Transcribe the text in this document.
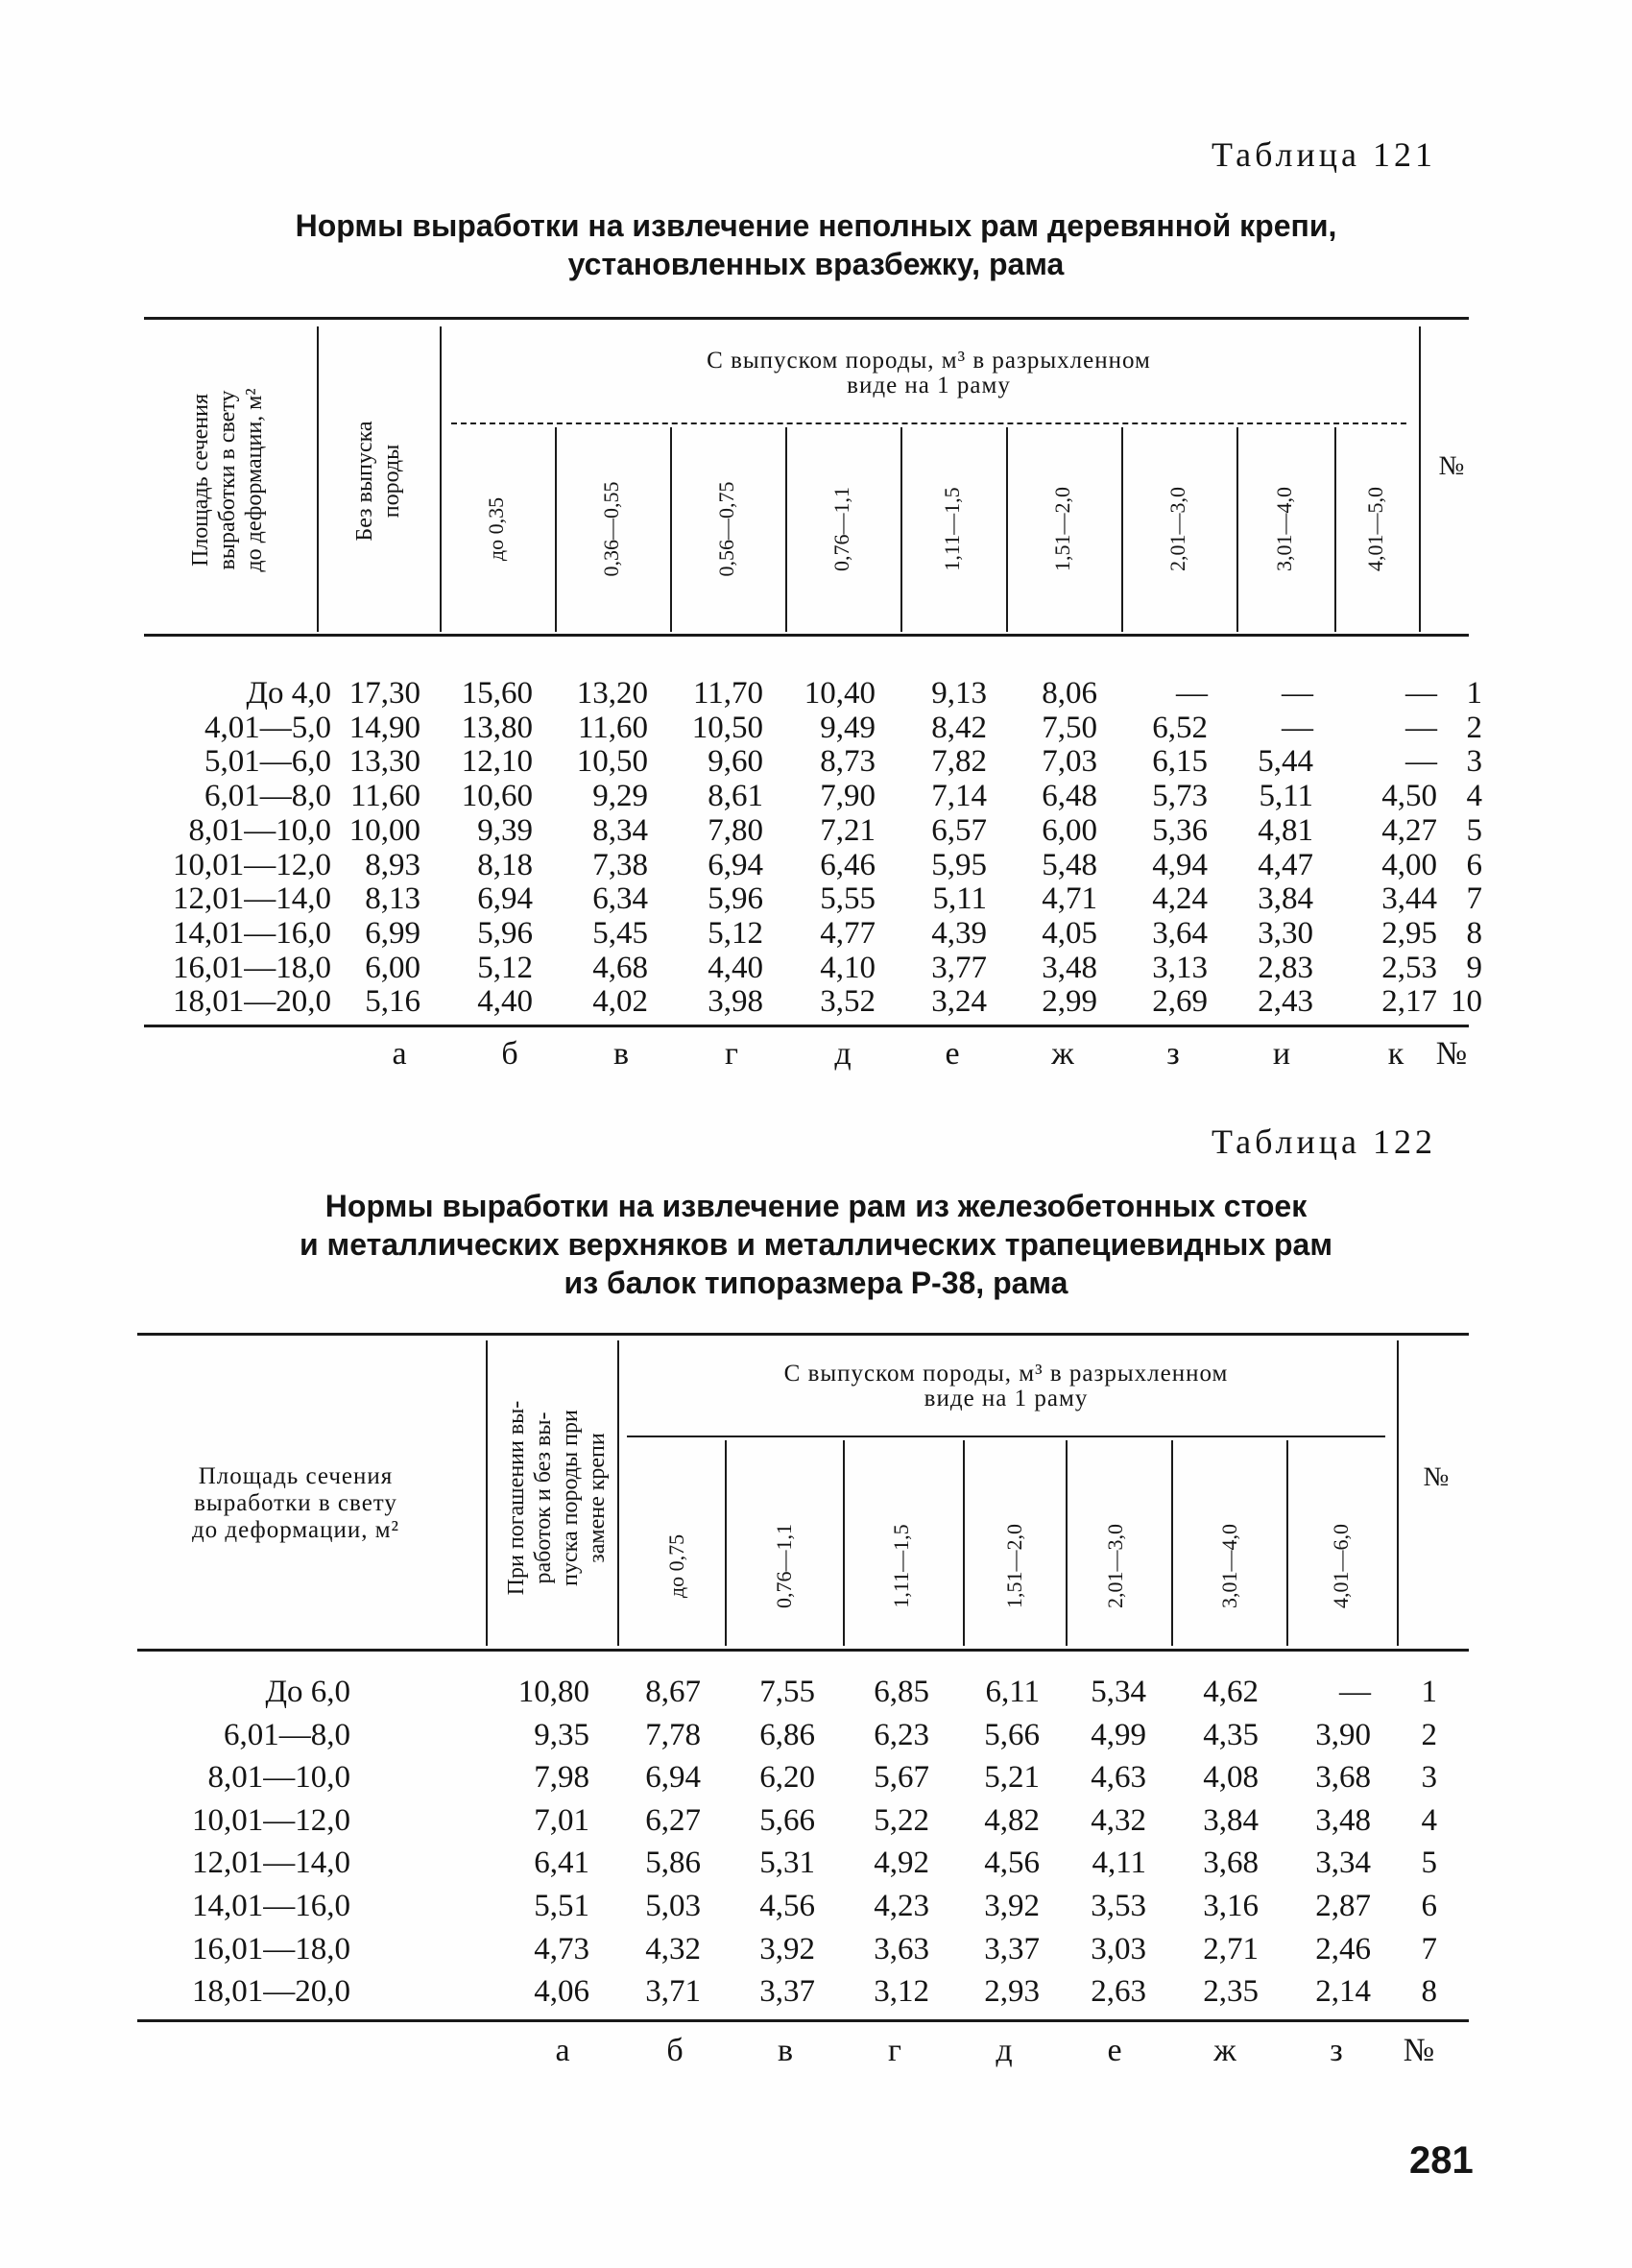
Таблица 121
Нормы выработки на извлечение неполных рам деревянной крепи,
установленных вразбежку, рама
Площадь сечения выработки в свету до деформации, м²	Без выпуска породы
С выпуском породы, м³ в разрыхленном
виде на 1 раму
№
до 0,35	0,36—0,55	0,56—0,75	0,76—1,1	1,11—1,5	1,51—2,0	2,01—3,0	3,01—4,0	4,01—5,0
До 4,0 17,30	15,60	13,20	11,70	10,40	9,13	8,06	—	—	— 1
4,01—5,0 14,90	13,80	11,60	10,50	9,49	8,42	7,50	6,52	—	— 2
5,01—6,0 13,30	12,10	10,50	9,60	8,73	7,82	7,03	6,15	5,44	— 3
6,01—8,0 11,60	10,60	9,29	8,61	7,90	7,14	6,48	5,73	5,11	4,50 4
8,01—10,0 10,00	9,39	8,34	7,80	7,21	6,57	6,00	5,36	4,81	4,27 5
10,01—12,0	8,93	8,18	7,38	6,94	6,46	5,95	5,48	4,94	4,47	4,00 6
12,01—14,0	8,13	6,94	6,34	5,96	5,55	5,11	4,71	4,24	3,84	3,44 7
14,01—16,0	6,99	5,96	5,45	5,12	4,77	4,39	4,05	3,64	3,30	2,95 8
16,01—18,0	6,00	5,12	4,68	4,40	4,10	3,77	3,48	3,13	2,83	2,53 9
18,01—20,0	5,16	4,40	4,02	3,98	3,52	3,24	2,99	2,69	2,43	2,17 10
а	б	в	г	д	е	ж	з	и	к №
Таблица 122
Нормы выработки на извлечение рам из железобетонных стоек
и металлических верхняков и металлических трапециевидных рам
из балок типоразмера Р-38, рама
Площадь сечения
выработки в свету
до деформации, м²	При погашении вы- работок и без вы- пуска породы при замене крепи
С выпуском породы, м³ в разрыхленном
виде на 1 раму
№
до 0,75	0,76—1,1	1,11—1,5	1,51—2,0	2,01—3,0	3,01—4,0	4,01—6,0
До 6,0	10,80	8,67	7,55	6,85	6,11	5,34	4,62	—	1
6,01—8,0	9,35	7,78	6,86	6,23	5,66	4,99	4,35	3,90	2
8,01—10,0	7,98	6,94	6,20	5,67	5,21	4,63	4,08	3,68	3
10,01—12,0	7,01	6,27	5,66	5,22	4,82	4,32	3,84	3,48	4
12,01—14,0	6,41	5,86	5,31	4,92	4,56	4,11	3,68	3,34	5
14,01—16,0	5,51	5,03	4,56	4,23	3,92	3,53	3,16	2,87	6
16,01—18,0	4,73	4,32	3,92	3,63	3,37	3,03	2,71	2,46	7
18,01—20,0	4,06	3,71	3,37	3,12	2,93	2,63	2,35	2,14	8
а	б	в	г	д	е	ж	з	№
281
